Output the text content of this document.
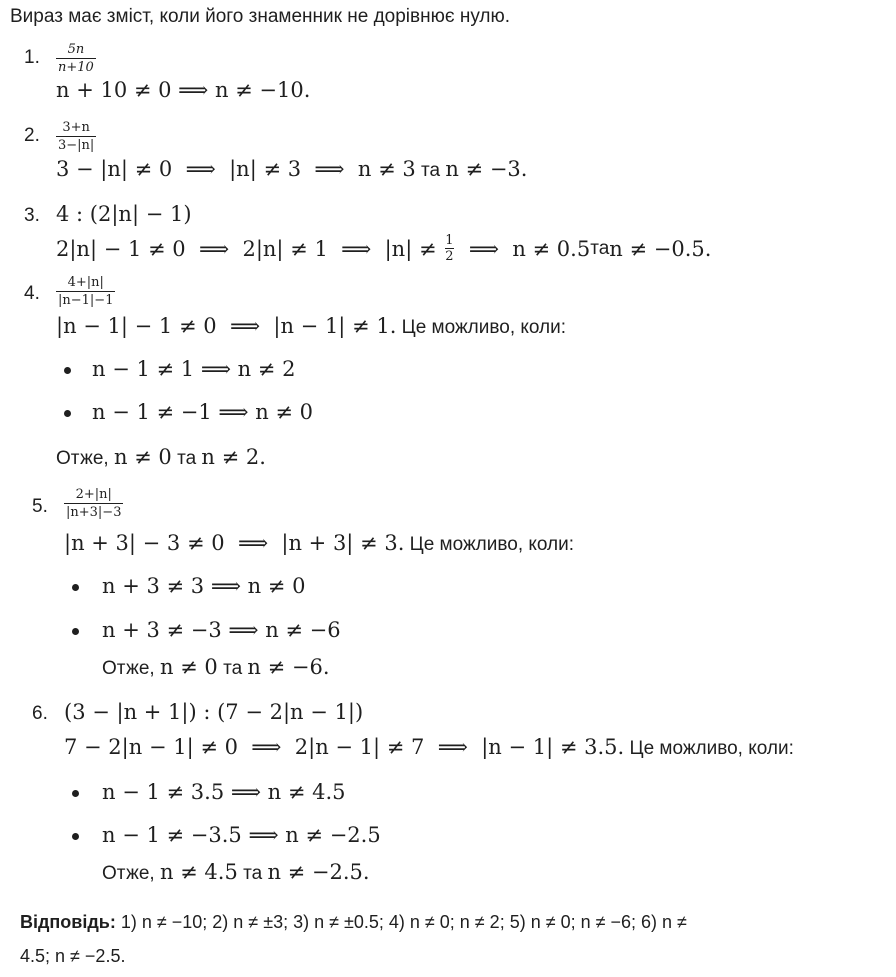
Вираз має зміст, коли його знаменник не дорівнює нулю.
1. 5n
n+10
n + 10 ≠ 0 ⟹ n ≠ −10.
2. 3+n
3−|n|
3 − |n| ≠ 0  ⟹  |n| ≠ 3  ⟹  n ≠ 3 та n ≠ −3.
3. 4 : (2|n| − 1)
2|n| − 1 ≠ 0  ⟹  2|n| ≠ 1  ⟹  |n| ≠ 1
2 ⟹  n ≠ 0.5 та n ≠ −0.5.
4.
4+|n|
|n−1|−1
|n − 1| − 1 ≠ 0  ⟹  |n − 1| ≠ 1. Це можливо, коли:
n − 1 ≠ 1 ⟹ n ≠ 2
n − 1 ≠ −1 ⟹ n ≠ 0
Отже, n ≠ 0 та n ≠ 2.
5.
2+|n|
|n+3|−3
|n + 3| − 3 ≠ 0  ⟹  |n + 3| ≠ 3. Це можливо, коли:
n + 3 ≠ 3 ⟹ n ≠ 0
n + 3 ≠ −3 ⟹ n ≠ −6
Отже, n ≠ 0 та n ≠ −6.
6. (3 − |n + 1|) : (7 − 2|n − 1|)
7 − 2|n − 1| ≠ 0  ⟹  2|n − 1| ≠ 7  ⟹  |n − 1| ≠ 3.5. Це можливо, коли:
n − 1 ≠ 3.5 ⟹ n ≠ 4.5
n − 1 ≠ −3.5 ⟹ n ≠ −2.5
Отже, n ≠ 4.5 та n ≠ −2.5.
Відповідь: 1) n ≠ −10; 2) n ≠ ±3; 3) n ≠ ±0.5; 4) n ≠ 0; n ≠ 2; 5) n ≠ 0; n ≠ −6; 6) n ≠
4.5; n ≠ −2.5.
